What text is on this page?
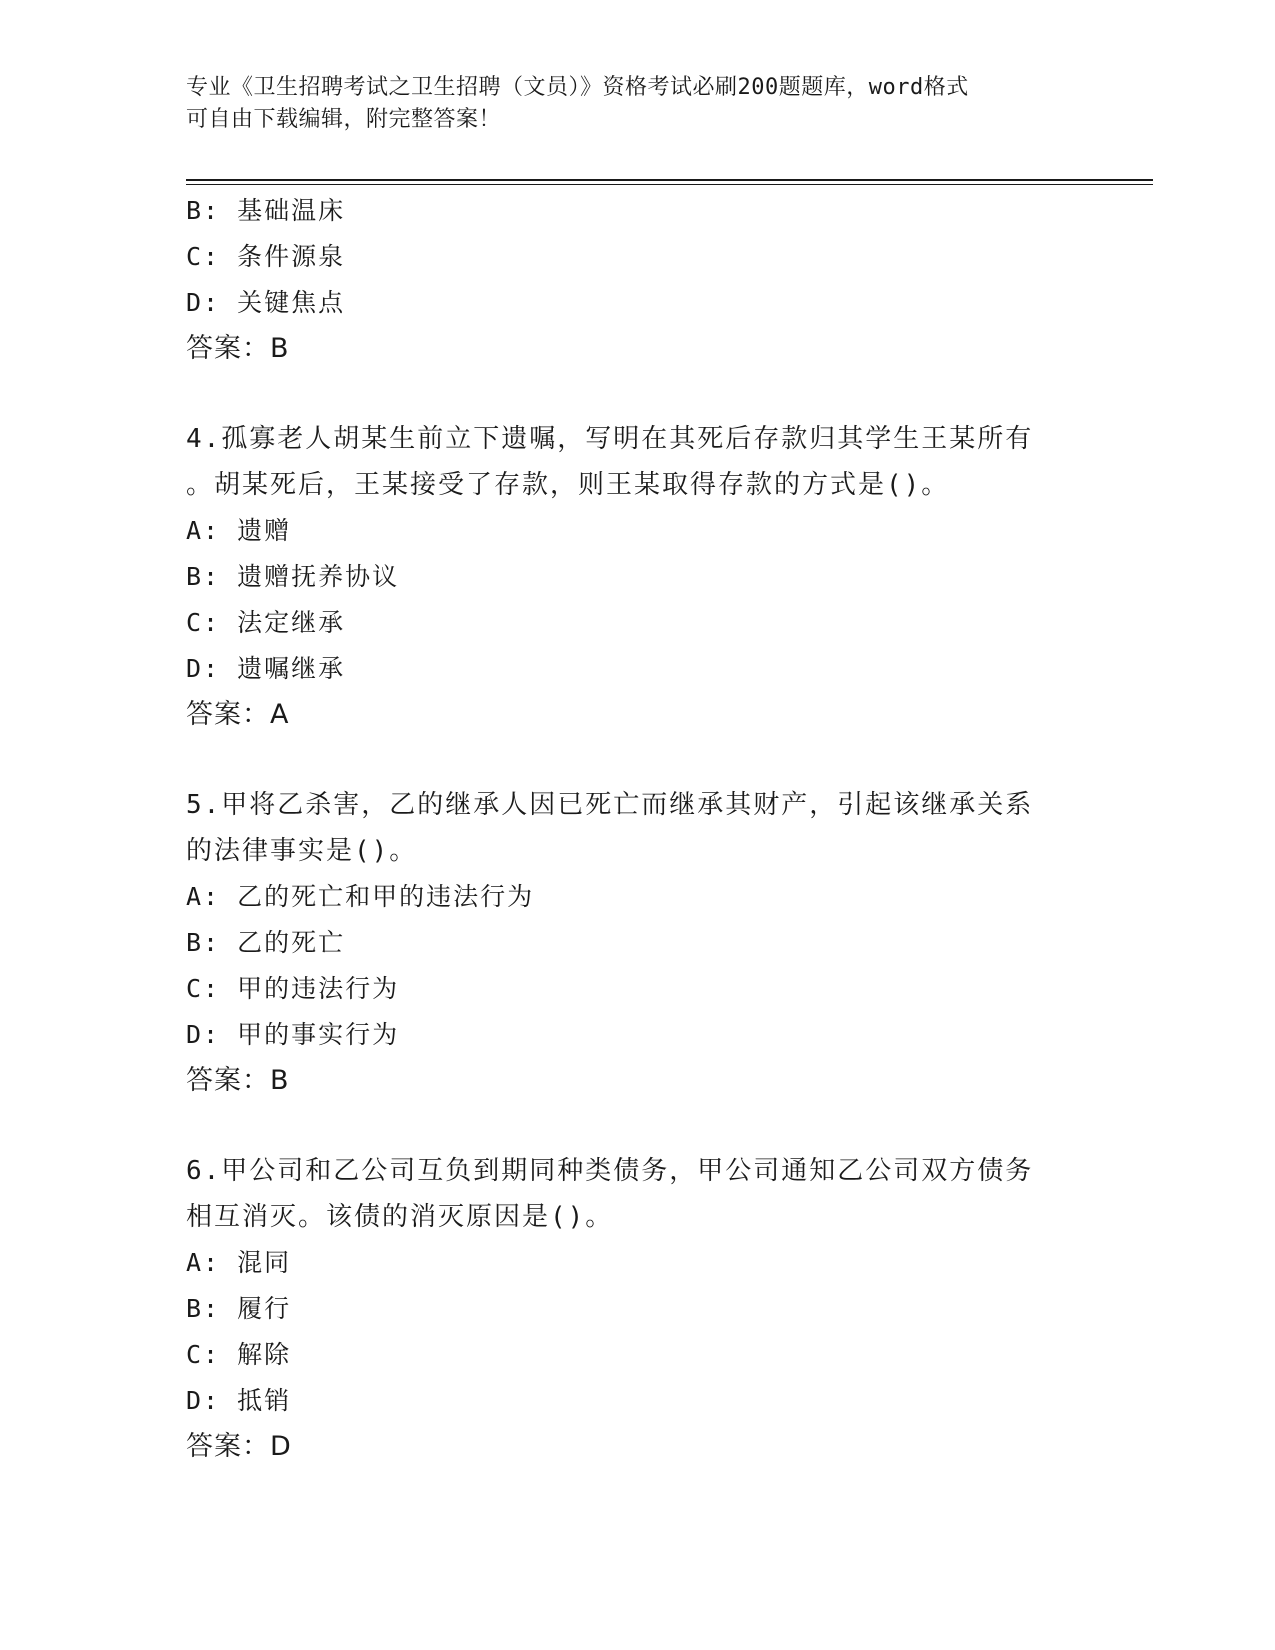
专业《卫生招聘考试之卫生招聘（文员）》资格考试必刷200题题库，word格式
可自由下载编辑，附完整答案！
B: 基础温床
C: 条件源泉
D: 关键焦点
答案：B
4.孤寡老人胡某生前立下遗嘱，写明在其死后存款归其学生王某所有
。胡某死后，王某接受了存款，则王某取得存款的方式是()。
A: 遗赠
B: 遗赠抚养协议
C: 法定继承
D: 遗嘱继承
答案：A
5.甲将乙杀害，乙的继承人因已死亡而继承其财产，引起该继承关系
的法律事实是()。
A: 乙的死亡和甲的违法行为
B: 乙的死亡
C: 甲的违法行为
D: 甲的事实行为
答案：B
6.甲公司和乙公司互负到期同种类债务，甲公司通知乙公司双方债务
相互消灭。该债的消灭原因是()。
A: 混同
B: 履行
C: 解除
D: 抵销
答案：D
